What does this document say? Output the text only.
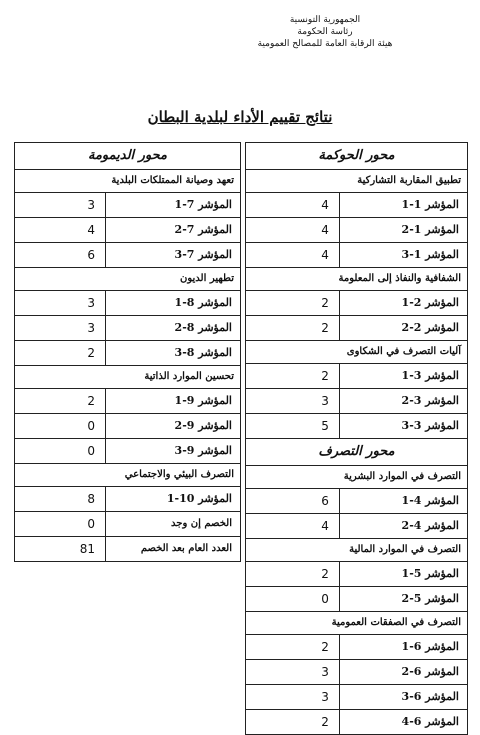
الجمهورية التونسية
رئاسة الحكومة
هيئة الرقابة العامة للمصالح العمومية
نتائج تقييم الأداء لبلدية البطان
محور الحوكمة
تطبيق المقاربة التشاركية
المؤشر 1-1
4
المؤشر 1-2
4
المؤشر 1-3
4
الشفافية والنفاذ إلى المعلومة
المؤشر 2-1
2
المؤشر 2-2
2
آليات التصرف في الشكاوى
المؤشر 3-1
2
المؤشر 3-2
3
المؤشر 3-3
5
محور التصرف
التصرف في الموارد البشرية
المؤشر 4-1
6
المؤشر 4-2
4
التصرف في الموارد المالية
المؤشر 5-1
2
المؤشر 5-2
0
التصرف في الصفقات العمومية
المؤشر 6-1
2
المؤشر 6-2
3
المؤشر 6-3
3
المؤشر 6-4
2
محور الديمومة
تعهد وصيانة الممتلكات البلدية
المؤشر 7-1
3
المؤشر 7-2
4
المؤشر 7-3
6
تطهير الديون
المؤشر 8-1
3
المؤشر 8-2
3
المؤشر 8-3
2
تحسين الموارد الذاتية
المؤشر 9-1
2
المؤشر 9-2
0
المؤشر 9-3
0
التصرف البيئي والاجتماعي
المؤشر 10-1
8
الخصم إن وجد
0
العدد العام بعد الخصم
81
